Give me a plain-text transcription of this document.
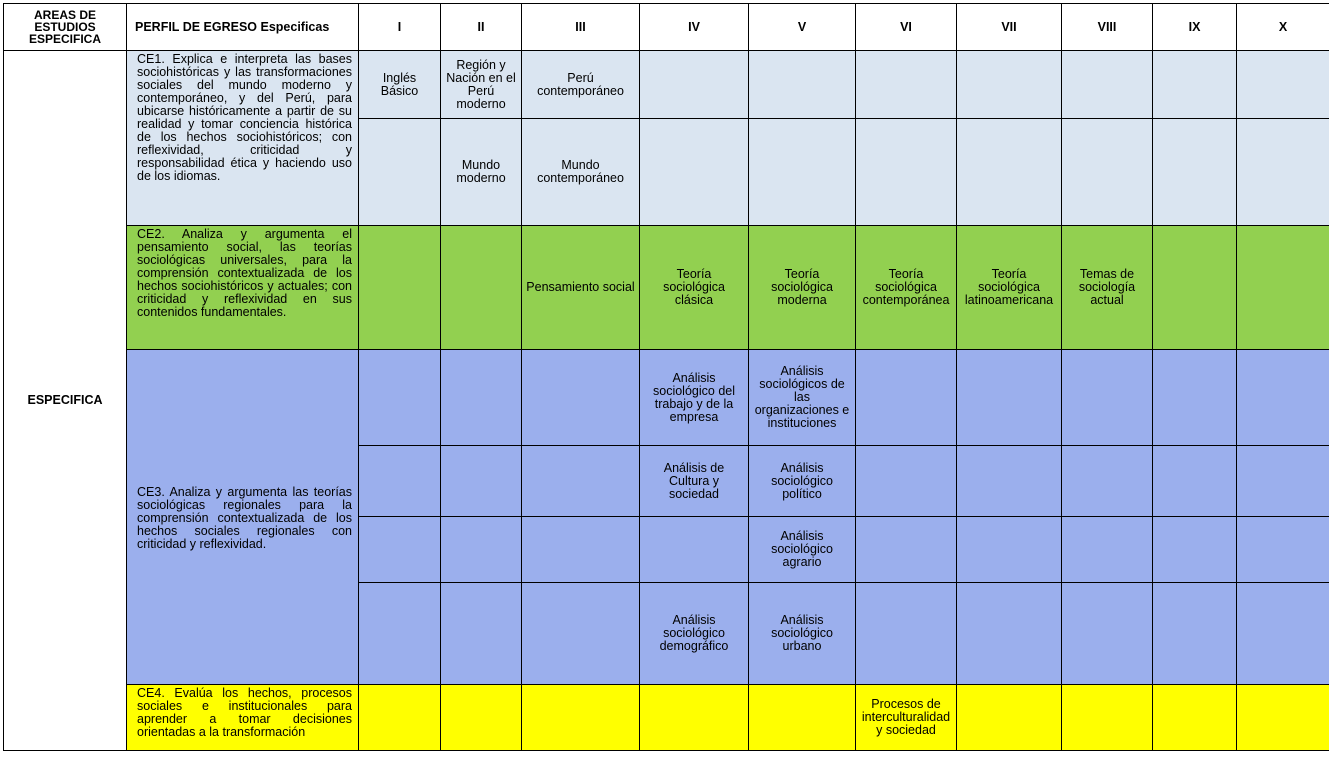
AREAS DE ESTUDIOS ESPECIFICA	PERFIL DE EGRESO Especificas	I	II	III	IV	V	VI	VII	VIII	IX	X
ESPECIFICA	CE1. Explica e interpreta las bases sociohistóricas y las transformaciones sociales del mundo moderno y contemporáneo, y del Perú, para ubicarse históricamente a partir de su realidad y tomar conciencia histórica de los hechos sociohistóricos; con reflexividad, criticidad y responsabilidad ética y haciendo uso de los idiomas.	Inglés Básico	Región y Nación en el Perú moderno	Perú contemporáneo							
			Mundo moderno	Mundo contemporáneo							
	CE2. Analiza y argumenta el pensamiento social, las teorías sociológicas universales, para la comprensión contextualizada de los hechos sociohistóricos y actuales; con criticidad y reflexividad en sus contenidos fundamentales.			Pensamiento social	Teoría sociológica clásica	Teoría sociológica moderna	Teoría sociológica contemporánea	Teoría sociológica latinoamericana	Temas de sociología actual		
	CE3. Analiza y argumenta las teorías sociológicas regionales para la comprensión contextualizada de los hechos sociales regionales con criticidad y reflexividad.				Análisis sociológico del trabajo y de la empresa	Análisis sociológicos de las organizaciones e instituciones					
					Análisis de Cultura y sociedad	Análisis sociológico político					
						Análisis sociológico agrario					
					Análisis sociológico demográfico	Análisis sociológico urbano					
	CE4. Evalúa los hechos, procesos sociales e institucionales para aprender a tomar decisiones orientadas a la transformación						Procesos de interculturalidad y sociedad				
